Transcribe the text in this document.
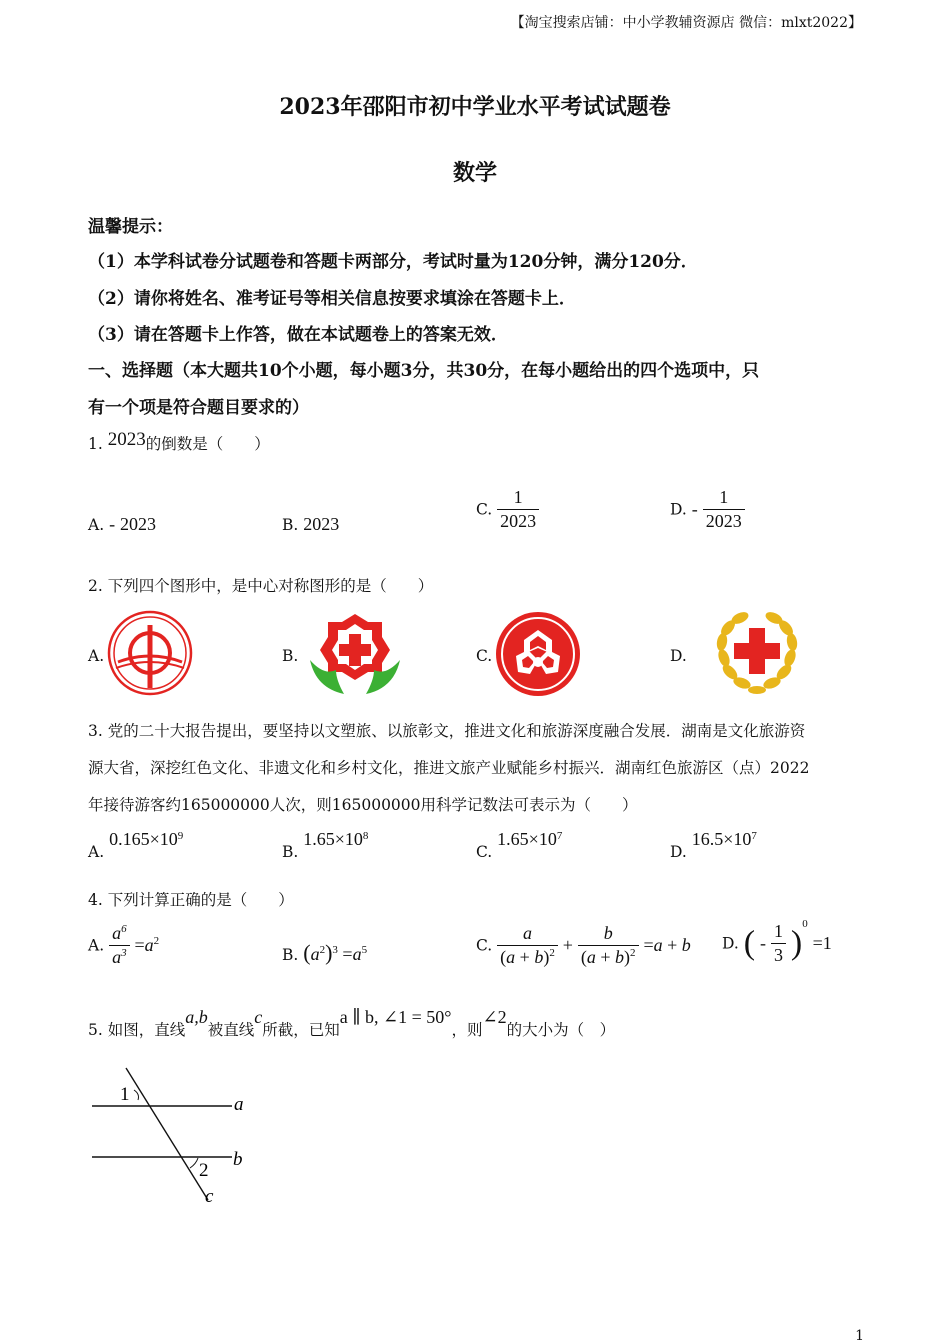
【淘宝搜索店铺：中小学教辅资源店 微信：mlxt2022】
2023年邵阳市初中学业水平考试试题卷
数学
温馨提示：
（1）本学科试卷分试题卷和答题卡两部分，考试时量为120分钟，满分120分．
（2）请你将姓名、准考证号等相关信息按要求填涂在答题卡上．
（3）请在答题卡上作答，做在本试题卷上的答案无效．
一、选择题（本大题共10个小题，每小题3分，共30分，在每小题给出的四个选项中，只
有一个项是符合题目要求的）
1. 2023的倒数是（　　）
A. - 2023	B. 2023
C. $\frac{1}{2023}$	D. - $\frac{1}{2023}$
2. 下列四个图形中，是中心对称图形的是（　　）
A.	B.	C.	D.
3. 党的二十大报告提出，要坚持以文塑旅、以旅彰文，推进文化和旅游深度融合发展．湖南是文化旅游资
源大省，深挖红色文化、非遗文化和乡村文化，推进文旅产业赋能乡村振兴．湖南红色旅游区（点）2022
年接待游客约165000000人次，则165000000用科学记数法可表示为（　　）
A. $0.165\times 10^9$
B. $1.65\times 10^8$
C. $1.65\times 10^7$
D. $16.5\times 10^7$
4. 下列计算正确的是（　　）
A. $\frac{a^6}{a^3} =a^2$
B. $(a^2)^3 =a^5$	C. $\frac{a}{(a + b)^2} + \frac{b}{(a + b)^2} =a + b$ D. ( - $\frac{1}{3} )^0 =1$
5. 如图，直线a,b被直线c所截，已知a ∥ b, ∠1 = 50°，则∠2的大小为（　）
1
2
a
b
c
1
